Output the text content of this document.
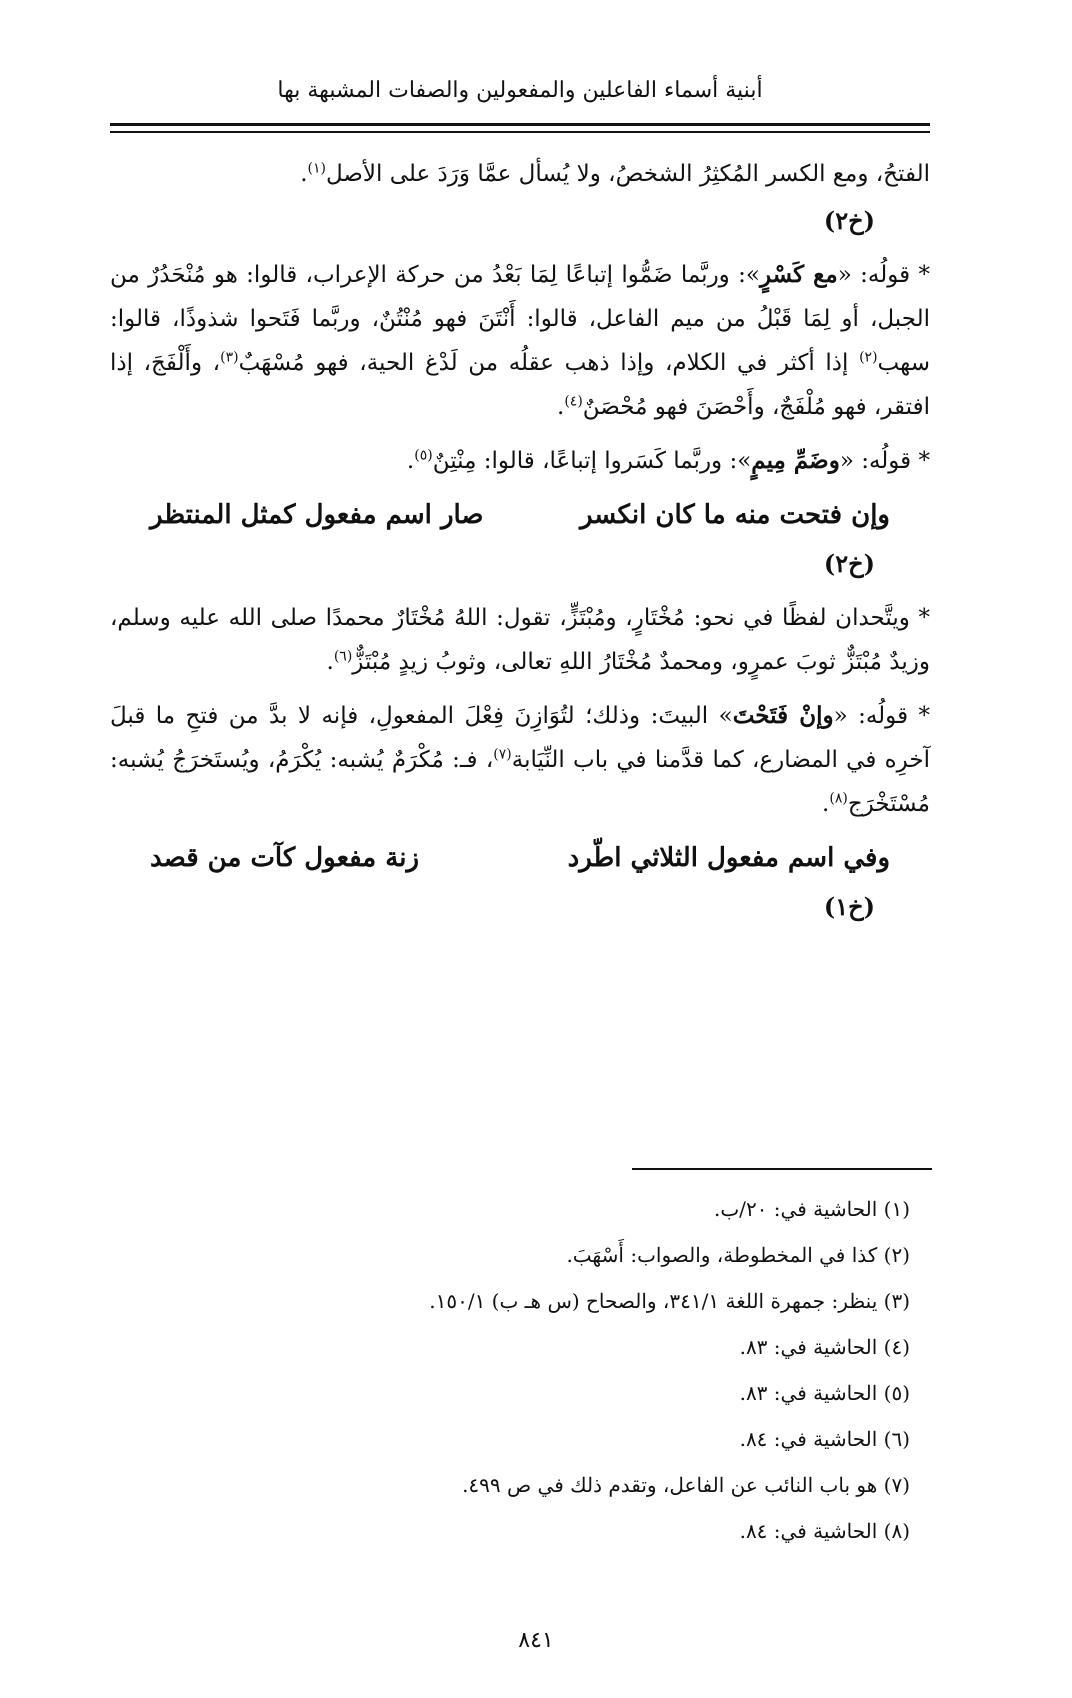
أبنية أسماء الفاعلين والمفعولين والصفات المشبهة بها

الفتحُ، ومع الكسر المُكثِرُ الشخصُ، ولا يُسأل عمَّا وَرَدَ على الأصل$^{(١)}$.

(خ٢)

* قولُه: «مع كَسْرٍ»: وربَّما ضَمُّوا إتباعًا لِمَا بَعْدُ من حركة الإعراب، قالوا: هو مُنْحَدُرٌ من الجبل، أو لِمَا قَبْلُ من ميم الفاعل، قالوا: أَنْتَنَ فهو مُنْتُنٌ، وربَّما فَتَحوا شذوذًا، قالوا: سهب$^{(٢)}$ إذا أكثر في الكلام، وإذا ذهب عقلُه من لَدْغ الحية، فهو مُسْهَبٌ$^{(٣)}$، وأَلْفَجَ، إذا افتقر، فهو مُلْفَجٌ، وأَحْصَنَ فهو مُحْصَنٌ$^{(٤)}$.

* قولُه: «وضَمِّ مِيمٍ»: وربَّما كَسَروا إتباعًا، قالوا: مِنْتِنٌ$^{(٥)}$.

وإن فتحت منه ما كان انكسر
صار اسم مفعول كمثل المنتظر
(خ٢)

* ويتَّحدان لفظًا في نحو: مُخْتَارٍ، ومُبْتَزٍّ، تقول: اللهُ مُخْتَارٌ محمدًا صلى الله عليه وسلم، وزيدٌ مُبْتَزٌّ ثوبَ عمرٍو، ومحمدٌ مُخْتَارُ اللهِ تعالى، وثوبُ زيدٍ مُبْتَزٌّ$^{(٦)}$.

* قولُه: «وإنْ فَتَحْتَ» البيتَ: وذلك؛ لتُوَازِنَ فِعْلَ المفعولِ، فإنه لا بدَّ من فتحِ ما قبلَ آخرِه في المضارع، كما قدَّمنا في باب النِّيَابة$^{(٧)}$، فـ: مُكْرَمٌ يُشبه: يُكْرَمُ، ويُستَخرَجُ يُشبه: مُسْتَخْرَج$^{(٨)}$.

وفي اسم مفعول الثلاثي اطّرد
زنة مفعول كآت من قصد
(خ١)
(١) الحاشية في: ٢٠/ب.
(٢) كذا في المخطوطة، والصواب: أَسْهَبَ.
(٣) ينظر: جمهرة اللغة ٣٤١/١، والصحاح (س هـ ب) ١٥٠/١.
(٤) الحاشية في: ٨٣.
(٥) الحاشية في: ٨٣.
(٦) الحاشية في: ٨٤.
(٧) هو باب النائب عن الفاعل، وتقدم ذلك في ص ٤٩٩.
(٨) الحاشية في: ٨٤.
٨٤١
